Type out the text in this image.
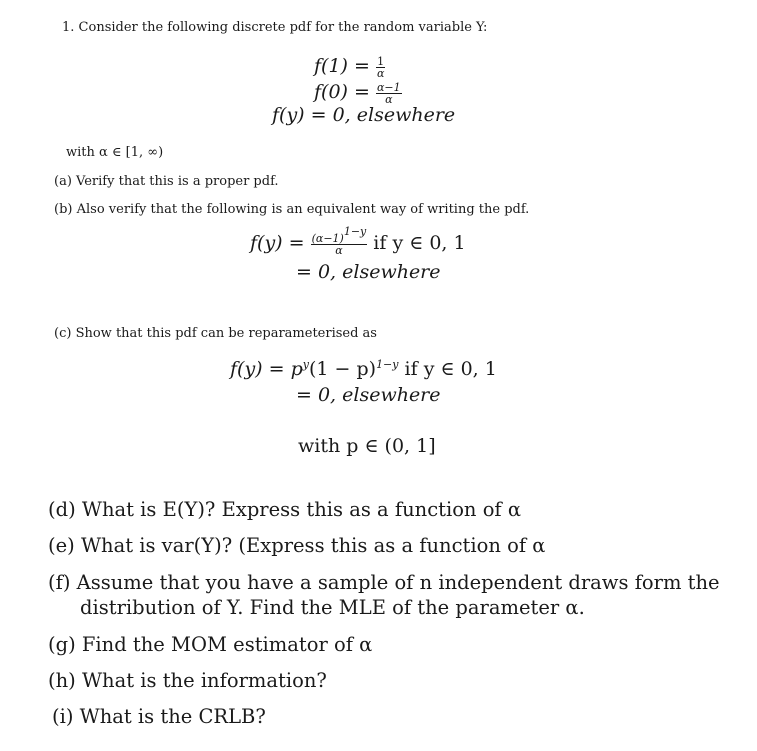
1. Consider the following discrete pdf for the random variable Y:
$f(1) = \frac{1}{\alpha}$
$f(0) = \frac{\alpha-1}{\alpha}$
f(y) = 0, elsewhere
with α ∈ [1, ∞)
(a) Verify that this is a proper pdf.
(b) Also verify that the following is an equivalent way of writing the pdf.
$f(y) = \frac{(\alpha-1)^{1-y}}{\alpha}$ if y ∈ 0, 1
= 0, elsewhere
(c) Show that this pdf can be reparameterised as
$f(y) = p^y(1 - p)^{1-y}$ if y ∈ 0, 1
= 0, elsewhere
with p ∈ (0, 1]
(d) What is E(Y)? Express this as a function of α
(e) What is var(Y)? (Express this as a function of α
(f) Assume that you have a sample of n independent draws form the
distribution of Y. Find the MLE of the parameter α.
(g) Find the MOM estimator of α
(h) What is the information?
(i) What is the CRLB?
